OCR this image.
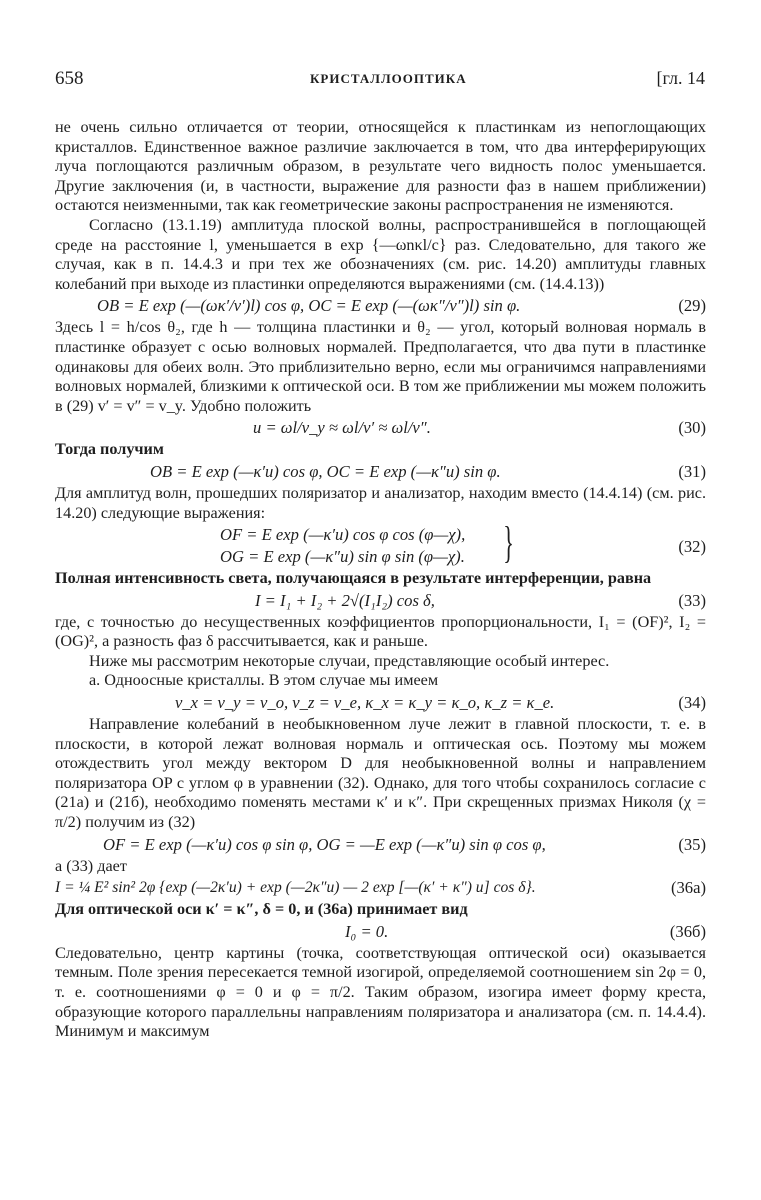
658	КРИСТАЛЛООПТИКА	[гл. 14

не очень сильно отличается от теории, относящейся к пластинкам из непоглощающих кристаллов. Единственное важное различие заключается в том, что два интерферирующих луча поглощаются различным образом, в результате чего видность полос уменьшается. Другие заключения (и, в частности, выражение для разности фаз в нашем приближении) остаются неизменными, так как геометрические законы распространения не изменяются.

Согласно (13.1.19) амплитуда плоской волны, распространившейся в поглощающей среде на расстояние l, уменьшается в exp {—ωnκl/c} раз. Следовательно, для такого же случая, как в п. 14.4.3 и при тех же обозначениях (см. рис. 14.20) амплитуды главных колебаний при выходе из пластинки определяются выражениями (см. (14.4.13))

OB = E exp (—(ωκ′/v′)l) cos φ, OC = E exp (—(ωκ″/v″)l) sin φ.	(29)

Здесь l = h/cos θ₂, где h — толщина пластинки и θ₂ — угол, который волновая нормаль в пластинке образует с осью волновых нормалей. Предполагается, что два пути в пластинке одинаковы для обеих волн. Это приблизительно верно, если мы ограничимся направлениями волновых нормалей, близкими к оптической оси. В том же приближении мы можем положить в (29) v′ = v″ = v_y. Удобно положить

u = ωl/v_y ≈ ωl/v′ ≈ ωl/v″.	(30)

Тогда получим

OB = E exp (—κ′u) cos φ, OC = E exp (—κ″u) sin φ.	(31)

Для амплитуд волн, прошедших поляризатор и анализатор, находим вместо (14.4.14) (см. рис. 14.20) следующие выражения:

OF = E exp (—κ′u) cos φ cos (φ—χ),
OG = E exp (—κ″u) sin φ sin (φ—χ). }	(32)

Полная интенсивность света, получающаяся в результате интерференции, равна

I = I₁ + I₂ + 2√(I₁I₂) cos δ,	(33)

где, с точностью до несущественных коэффициентов пропорциональности, I₁ = (OF)², I₂ = (OG)², а разность фаз δ рассчитывается, как и раньше.

Ниже мы рассмотрим некоторые случаи, представляющие особый интерес.

а. Одноосные кристаллы. В этом случае мы имеем

v_x = v_y = v_o, v_z = v_e, κ_x = κ_y = κ_o, κ_z = κ_e.	(34)

Направление колебаний в необыкновенном луче лежит в главной плоскости, т. е. в плоскости, в которой лежат волновая нормаль и оптическая ось. Поэтому мы можем отождествить угол между вектором D для необыкновенной волны и направлением поляризатора OP с углом φ в уравнении (32). Однако, для того чтобы сохранилось согласие с (21а) и (21б), необходимо поменять местами κ′ и κ″. При скрещенных призмах Николя (χ = π/2) получим из (32)

OF = E exp (—κ′u) cos φ sin φ, OG = —E exp (—κ″u) sin φ cos φ,	(35)

а (33) дает

I = ¼ E² sin² 2φ {exp (—2κ′u) + exp (—2κ″u) — 2 exp [—(κ′ + κ″) u] cos δ}.	(36a)

Для оптической оси κ′ = κ″, δ = 0, и (36а) принимает вид

I₀ = 0.	(36б)

Следовательно, центр картины (точка, соответствующая оптической оси) оказывается темным. Поле зрения пересекается темной изогирой, определяемой соотношением sin 2φ = 0, т. е. соотношениями φ = 0 и φ = π/2. Таким образом, изогира имеет форму креста, образующие которого параллельны направлениям поляризатора и анализатора (см. п. 14.4.4). Минимум и максимум
